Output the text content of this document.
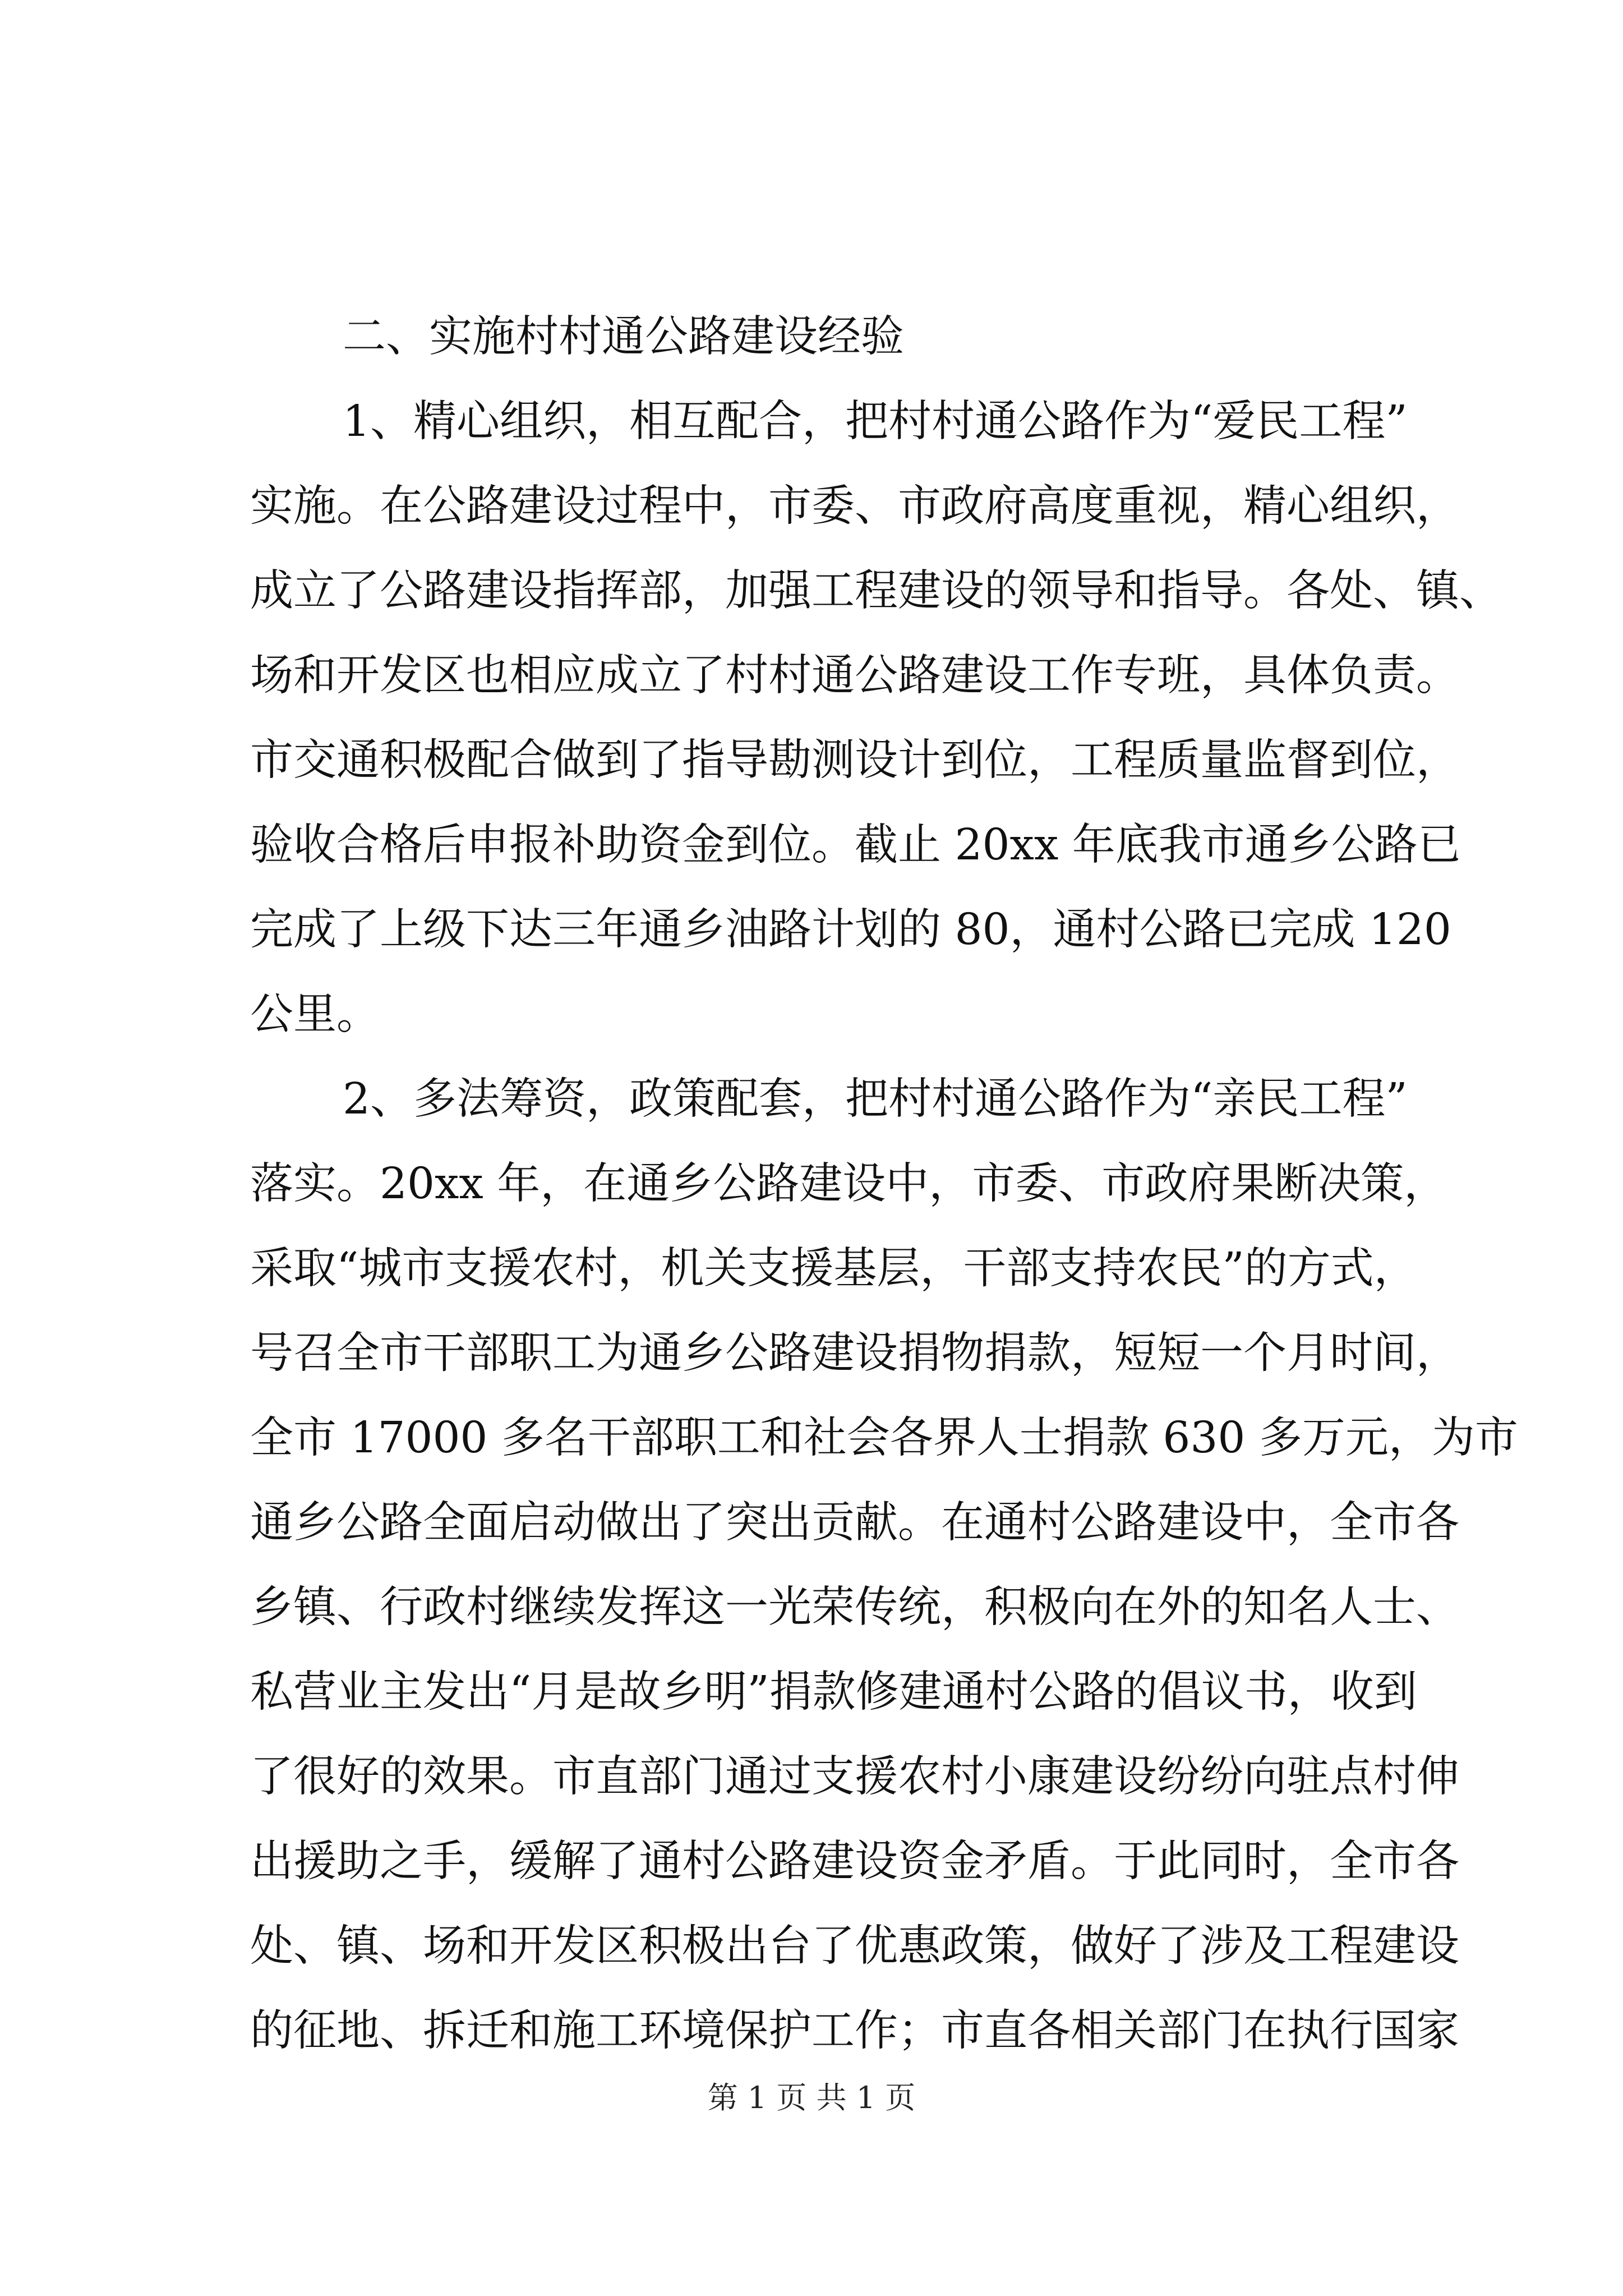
二、实施村村通公路建设经验
1、精心组织，相互配合，把村村通公路作为“爱民工程”
实施。在公路建设过程中，市委、市政府高度重视，精心组织，
成立了公路建设指挥部，加强工程建设的领导和指导。各处、镇、
场和开发区也相应成立了村村通公路建设工作专班，具体负责。
市交通积极配合做到了指导勘测设计到位，工程质量监督到位，
验收合格后申报补助资金到位。截止 20xx 年底我市通乡公路已
完成了上级下达三年通乡油路计划的 80，通村公路已完成 120
公里。
2、多法筹资，政策配套，把村村通公路作为“亲民工程”
落实。20xx 年，在通乡公路建设中，市委、市政府果断决策，
采取“城市支援农村，机关支援基层，干部支持农民”的方式，
号召全市干部职工为通乡公路建设捐物捐款，短短一个月时间，
全市 17000 多名干部职工和社会各界人士捐款 630 多万元，为市
通乡公路全面启动做出了突出贡献。在通村公路建设中，全市各
乡镇、行政村继续发挥这一光荣传统，积极向在外的知名人士、
私营业主发出“月是故乡明”捐款修建通村公路的倡议书，收到
了很好的效果。市直部门通过支援农村小康建设纷纷向驻点村伸
出援助之手，缓解了通村公路建设资金矛盾。于此同时，全市各
处、镇、场和开发区积极出台了优惠政策，做好了涉及工程建设
的征地、拆迁和施工环境保护工作；市直各相关部门在执行国家
第 1 页 共 1 页
